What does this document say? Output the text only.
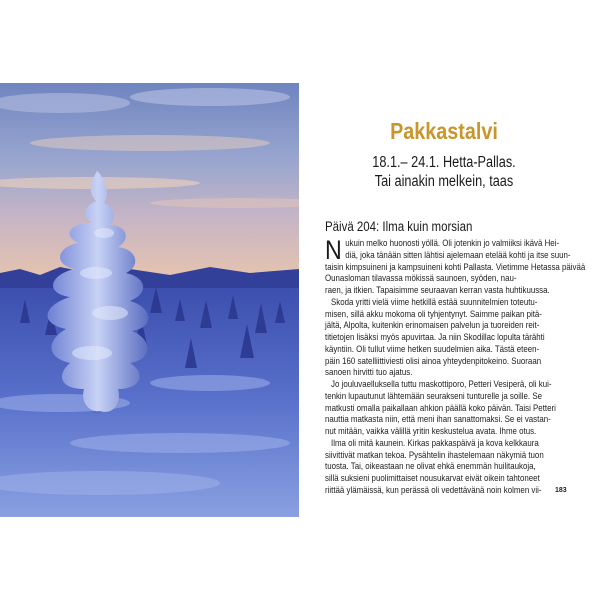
Pakkastalvi
18.1.– 24.1. Hetta-Pallas.
Tai ainakin melkein, taas
Päivä 204: Ilma kuin morsian
N ukuin melko huonosti yöllä. Oli jotenkin jo valmiiksi ikävä Hei-
diä, joka tänään sitten lähtisi ajelemaan etelää kohti ja itse suun-
taisin kimpsuineni ja kampsuineni kohti Pallasta. Vietimme Hetassa päivää Ounasloman tilavassa mökissä saunoen, syöden, nau-
raen, ja itkien. Tapaisimme seuraavan kerran vasta huhtikuussa.
Skoda yritti vielä viime hetkillä estää suunnitelmien toteutu-
misen, sillä akku mokoma oli tyhjentynyt. Saimme paikan pitä-
jältä, Alpolta, kuitenkin erinomaisen palvelun ja tuoreiden reit-
titietojen lisäksi myös apuvirtaa. Ja niin Skodillac lopulta tärähti
käyntiin. Oli tullut viime hetken suudelmien aika. Tästä eteen-
päin 160 satelliittiviesti olisi ainoa yhteydenpitokeino. Suoraan
sanoen hirvitti tuo ajatus.
Jo jouluvaelluksella tuttu maskottiporo, Petteri Vesiperä, oli kui-
tenkin lupautunut lähtemään seurakseni tunturelle ja soille. Se
matkusti omalla paikallaan ahkion päällä koko päivän. Taisi Petteri
nauttia matkasta niin, että meni ihan sanattomaksi. Se ei vastan-
nut mitään, vaikka välillä yritin keskustelua avata. Ihme otus.
Ilma oli mitä kaunein. Kirkas pakkaspäivä ja kova kelkkaura
siivittivät matkan tekoa. Pysähtelin ihastelemaan näkymiä tuon
tuosta. Tai, oikeastaan ne olivat ehkä enemmän huilitaukoja,
sillä suksieni puolimittaiset nousukarvat eivät oikein tahtoneet
riittää ylämäissä, kun perässä oli vedettävänä noin kolmen vii-	183
